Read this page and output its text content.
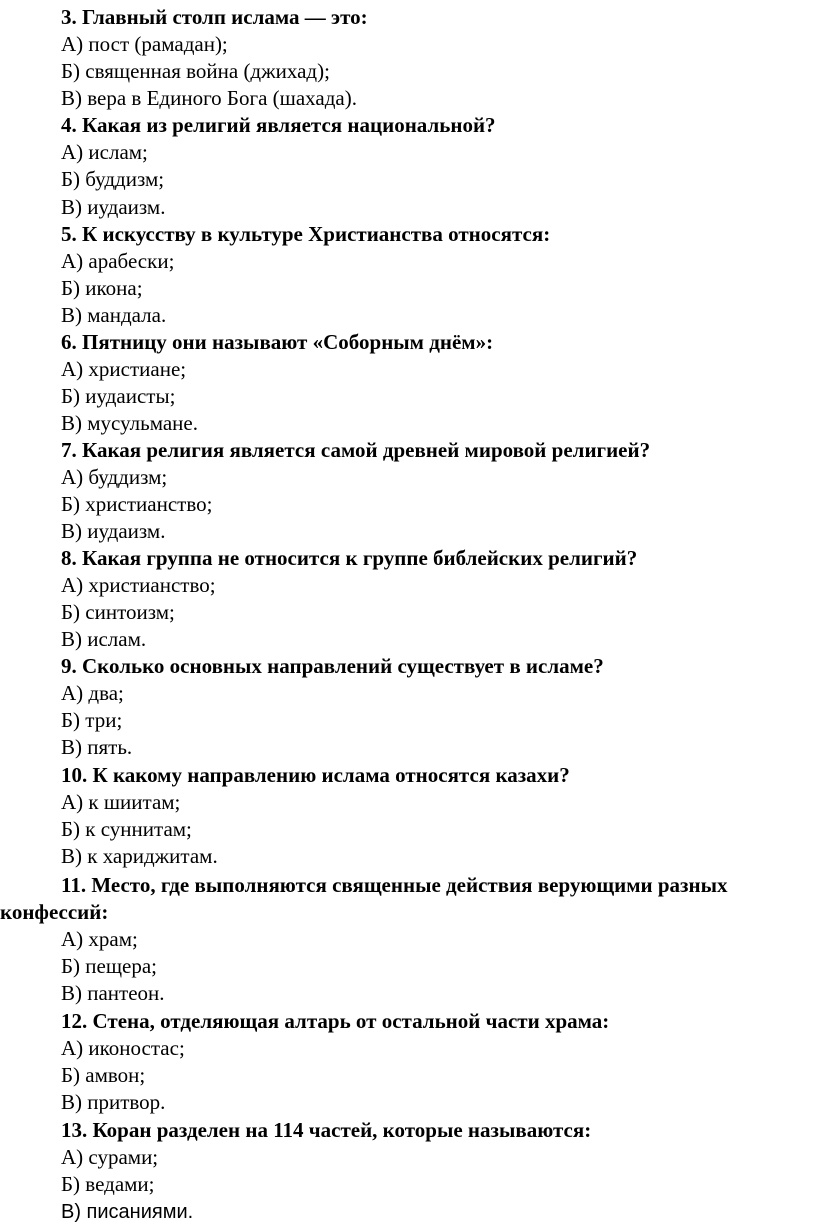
3. Главный столп ислама — это:
А) пост (рамадан);
Б) священная война (джихад);
В) вера в Единого Бога (шахада).
4. Какая из религий является национальной?
А) ислам;
Б) буддизм;
В) иудаизм.
5. К искусству в культуре Христианства относятся:
А) арабески;
Б) икона;
В) мандала.
6. Пятницу они называют «Соборным днём»:
А) христиане;
Б) иудаисты;
В) мусульмане.
7. Какая религия является самой древней мировой религией?
А) буддизм;
Б) христианство;
В) иудаизм.
8. Какая группа не относится к группе библейских религий?
А) христианство;
Б) синтоизм;
В) ислам.
9. Сколько основных направлений существует в исламе?
А) два;
Б) три;
В) пять.
10. К какому направлению ислама относятся казахи?
А) к шиитам;
Б) к суннитам;
В) к хариджитам.
11. Место, где выполняются священные действия верующими разных
конфессий:
А) храм;
Б) пещера;
В) пантеон.
12. Стена, отделяющая алтарь от остальной части храма:
А) иконостас;
Б) амвон;
В) притвор.
13. Коран разделен на 114 частей, которые называются:
А) сурами;
Б) ведами;
В) писаниями.
